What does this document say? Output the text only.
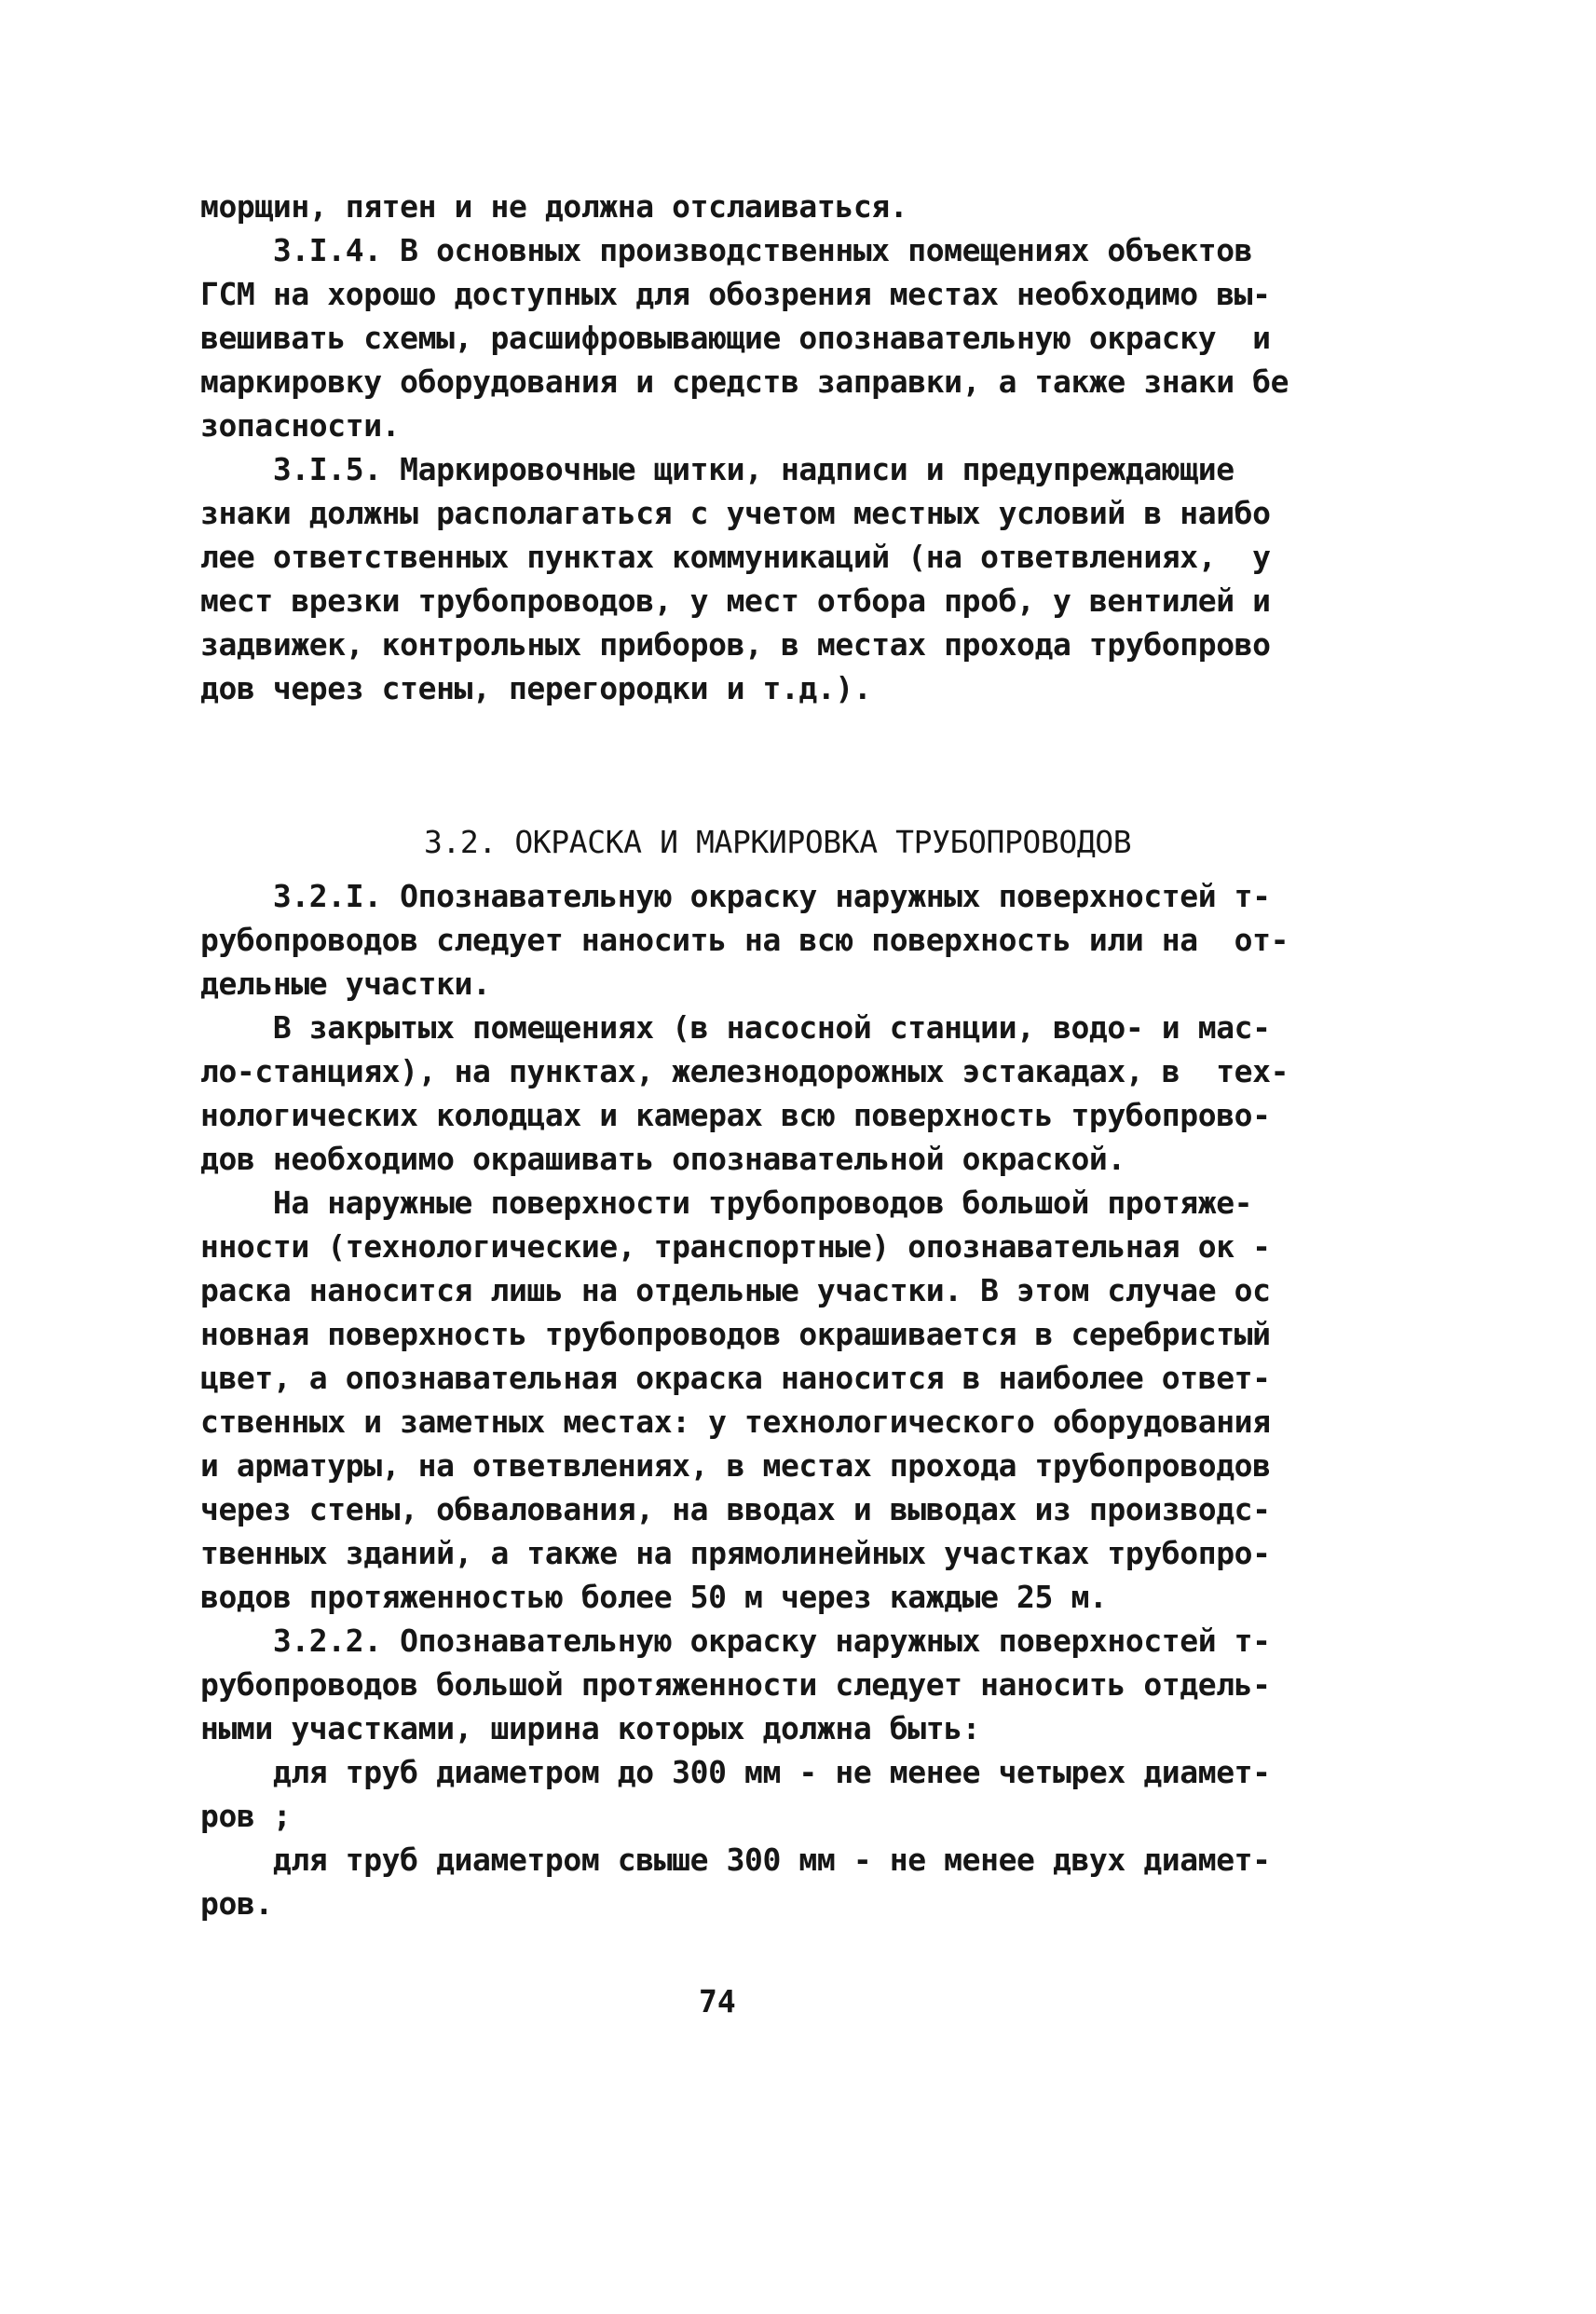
морщин, пятен и не должна отслаиваться.
3.I.4. В основных производственных помещениях объектов
ГСМ на хорошо доступных для обозрения местах необходимо вы-
вешивать схемы, расшифровывающие опознавательную окраску  и
маркировку оборудования и средств заправки, а также знаки бе
зопасности.
3.I.5. Маркировочные щитки, надписи и предупреждающие
знаки должны располагаться с учетом местных условий в наибо
лее ответственных пунктах коммуникаций (на ответвлениях,  у
мест врезки трубопроводов, у мест отбора проб, у вентилей и
задвижек, контрольных приборов, в местах прохода трубопрово
дов через стены, перегородки и т.д.).
3.2. ОКРАСКА И МАРКИРОВКА ТРУБОПРОВОДОВ
3.2.I. Опознавательную окраску наружных поверхностей т-
рубопроводов следует наносить на всю поверхность или на  от-
дельные участки.
В закрытых помещениях (в насосной станции, водо- и мас-
ло-станциях), на пунктах, железнодорожных эстакадах, в  тех-
нологических колодцах и камерах всю поверхность трубопрово-
дов необходимо окрашивать опознавательной окраской.
На наружные поверхности трубопроводов большой протяже-
нности (технологические, транспортные) опознавательная ок -
раска наносится лишь на отдельные участки. В этом случае ос
новная поверхность трубопроводов окрашивается в серебристый
цвет, а опознавательная окраска наносится в наиболее ответ-
ственных и заметных местах: у технологического оборудования
и арматуры, на ответвлениях, в местах прохода трубопроводов
через стены, обвалования, на вводах и выводах из производс-
твенных зданий, а также на прямолинейных участках трубопро-
водов протяженностью более 50 м через каждые 25 м.
3.2.2. Опознавательную окраску наружных поверхностей т-
рубопроводов большой протяженности следует наносить отдель-
ными участками, ширина которых должна быть:
для труб диаметром до 300 мм - не менее четырех диамет-
ров ;
для труб диаметром свыше 300 мм - не менее двух диамет-
ров.
74
